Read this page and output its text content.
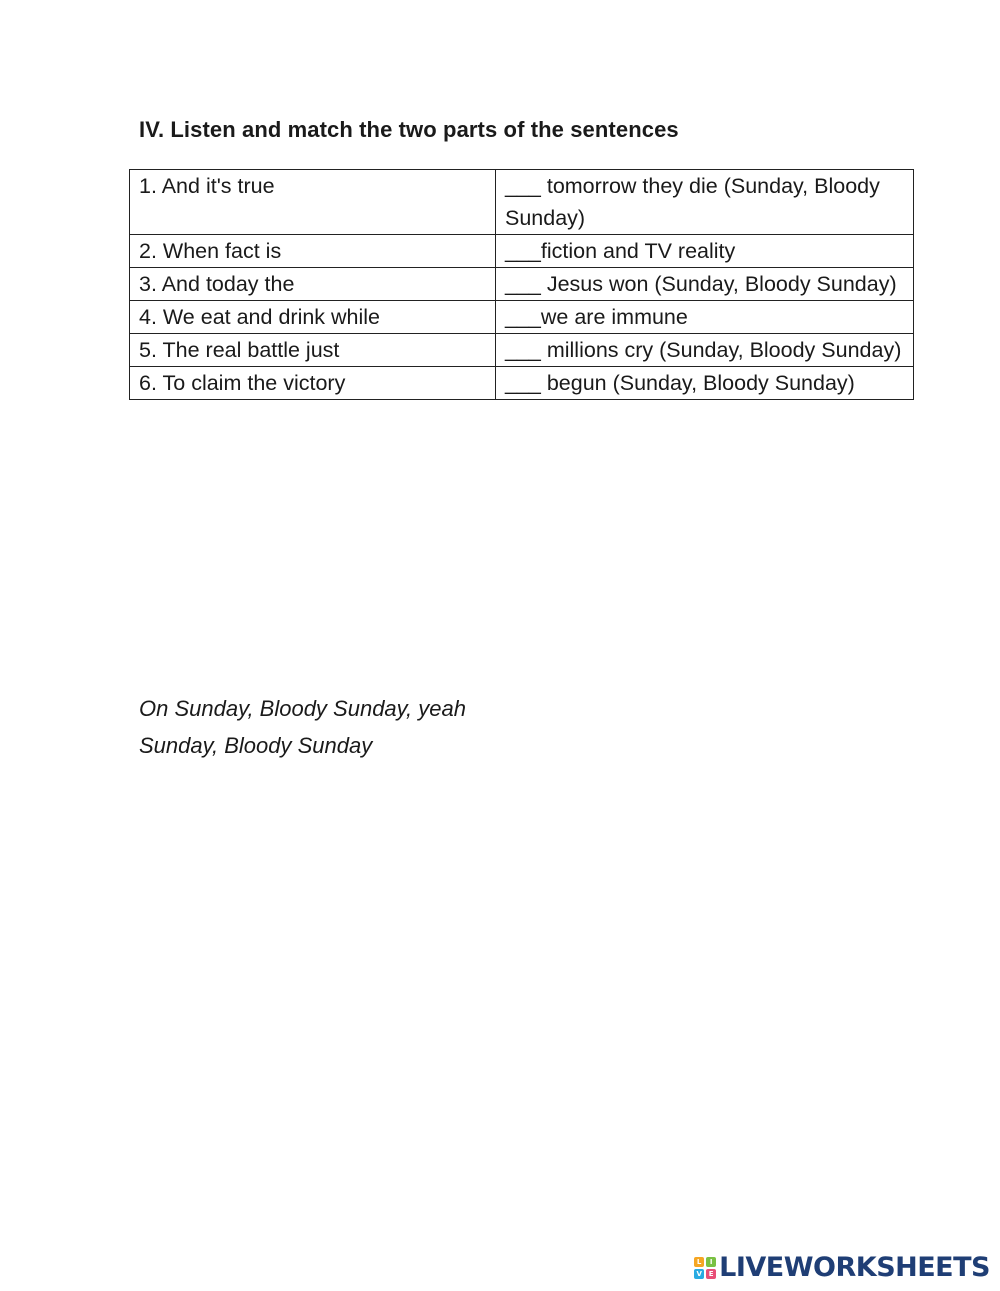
IV. Listen and match the two parts of the sentences
1. And it's true	___ tomorrow they die (Sunday, Bloody Sunday)
2. When fact is	___fiction and TV reality
3. And today the	___ Jesus won (Sunday, Bloody Sunday)
4. We eat and drink while	___we are immune
5. The real battle just	___ millions cry (Sunday, Bloody Sunday)
6. To claim the victory	___ begun (Sunday, Bloody Sunday)
On Sunday, Bloody Sunday, yeah
Sunday, Bloody Sunday
L	I
V E LIVEWORKSHEETS
